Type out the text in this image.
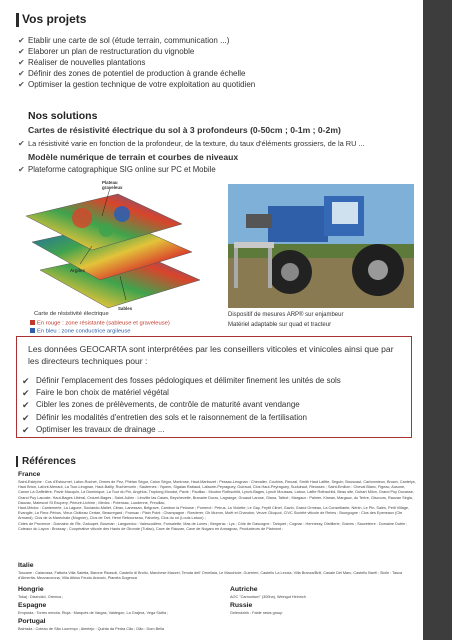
Vos projets
✔ Etablir une carte de sol (étude terrain, communication ...)
✔ Elaborer un plan de restructuration du vignoble
✔ Réaliser de nouvelles plantations
✔ Définir des zones de potentiel de production à grande échelle
✔ Optimiser la gestion technique de votre exploitation au quotidien
Nos solutions
Cartes de résistivité électrique du sol à 3 profondeurs (0-50cm ; 0-1m ; 0-2m)
✔ La résistivité varie en fonction de la profondeur, de la texture, du taux d'éléments grossiers, de la RU ...
Modèle numérique de terrain et courbes de niveaux
✔ Plateforme catographique SIG online sur PC et Mobile
Plateau graveleux
Argiles
Sables
Carte de résistivité électrique
En rouge : zone résistante (sableuse et graveleuse)
En bleu : zone conductrice argileuse
Dispositif de mesures ARP® sur enjambeur
Matériel adaptable sur quad et tracteur
Les données GEOCARTA sont interprétées par les conseillers viticoles et vinicoles ainsi que par les directeurs techniques pour :
✔ Définir l'emplacement des fosses pédologiques et délimiter finement les unités de sols
✔ Faire le bon choix de matériel végétal
✔ Cibler les zones de prélèvements, de contrôle de maturité avant vendange
✔ Définir les modalités d'entretien des sols et le raisonnement de la fertilisation
✔ Optimiser les travaux de drainage ...
Références
France
Saint-Estèphe : Cos d'Estournel, Lafon-Rochet, Ormes de Pez, Phélan Ségur, Calon Ségur, Montrose, Haut-Marbuzet ; Pessac-Léognan : Chevalier, Couhins, Fieuzal, Smith Haut Lafitte, Seguin, Bouscaut, Carbonnieux, Brown, Cantelys, Haut Brion, Lafont-Menaut, La Tour-Léognan, Haut-Bailly, Rochemorin ; Sauternes : Yquem, Sigalas Rabaud, Lafaurie-Peyraguey, Guiraud, Clos Haut-Peyraguey, Suduiraut, Rieussec ; Saint-Emilion : Cheval Blanc, Figeac, Ausone,
Canon La Gaffelière, Pavie Macquin, La Dominique, La Tour du Pin, Angélus, Troplong Mondot, Pavie ; Pauillac : Mouton Rothschild, Lynch-Bages, Lynch Moussas, Latour, Lafite Rothschild, Beau site, Duhart Milon, Grand Puy Ducasse, Grand Puy Lacoste, Haut-Bages Libéral, Croizet-Bages ; Saint-Julien : Léoville las Cases, Beychevelle, Branaire Ducru, Lagrange, Gruaud Larose, Glana, Talbot ; Margaux : Palmer, Kirwan, Margaux, du Tertre, Giscours, Rauzan Ségla, Dauzac, Malescot St Exupery, Prieuré-Lichine ; Médoc : Potensac, Loudenne, Preuillac,
Haut-Médoc : Cantemerle, La Lagune, Sociando-Mallet, Citran, Lanessan, Belgrave, Cambon la Pelouse ; Pomerol : Petrus, La Violette, Le Gay, Feytit Clinet, Gazin, Grand Ormeau, La Conseillante, Nénin, Le Pin, Sales, Petit Village, Evangile, La Fleur-Pétrus, Vieux Château Certan, Beauregard ; Fronsac : Plain Point ; Champagne : Roederer, Gh Mumm, Moët et Chandon, Veuve Clicquot, CIVC Société viticole de Reims ; Bourgogne : Clos des Epeneaux (Cte Armand), Clos de la Maréchale (Mugnier), Clos de Tart, Henri Rebourseau, Faiveley, Clos du roi (Louis Latour) ;
Côtes de Provence : Domaine de l'Île, Galoupet, Bournan ; Languedoc : Valescudière, Fonsalette, Mas de Lunes ; Bergerac : Lys ; Côte de Gascogne : Tariquet ; Cognac : Hennessy, Distillerie, Graves ; Sauveterre : Domaine Dutrie ; Coteaux du Layon : Brossay ; Coopérative viticole des Hauts de Gironde (Tutiac), Cave de Rauzan, Cave de Nogaro en Armagnac, Producteurs de Plaimont ;
Italie
Toscane : Caiarossa, Fattoria Villa Saletta, Barone Ricasoli, Castello di Brolio, Marchese Mazzei, Tenuta dell' Ornellaia, Le Macchiole, Guerrieri, Castello La Leccia, Villa Branca/Brill, Casale Del Marc, Castello Banfi ; Sicile : Tasca d'Almerita, Mezzacorona, Villa Albius Feudo Arancio, Planeta Dogenza
Hongrie
Tokaj : Disznókö, Oremus ;
Espagne
Emporda : Torres mmota, Rioja : Marqués de Vargas, Valdegon, La Grajera, Vega Sicilia ;
Portugal
Bairrada : Coteau de São Lourenço ; Alentejo : Quinta da Pedra Cão ; Dão : Dom Bella
Autriche
AOC "Carnuntum" (300ha), Weingut Heinrich
Russie
Gelendzhik : Fable news group
